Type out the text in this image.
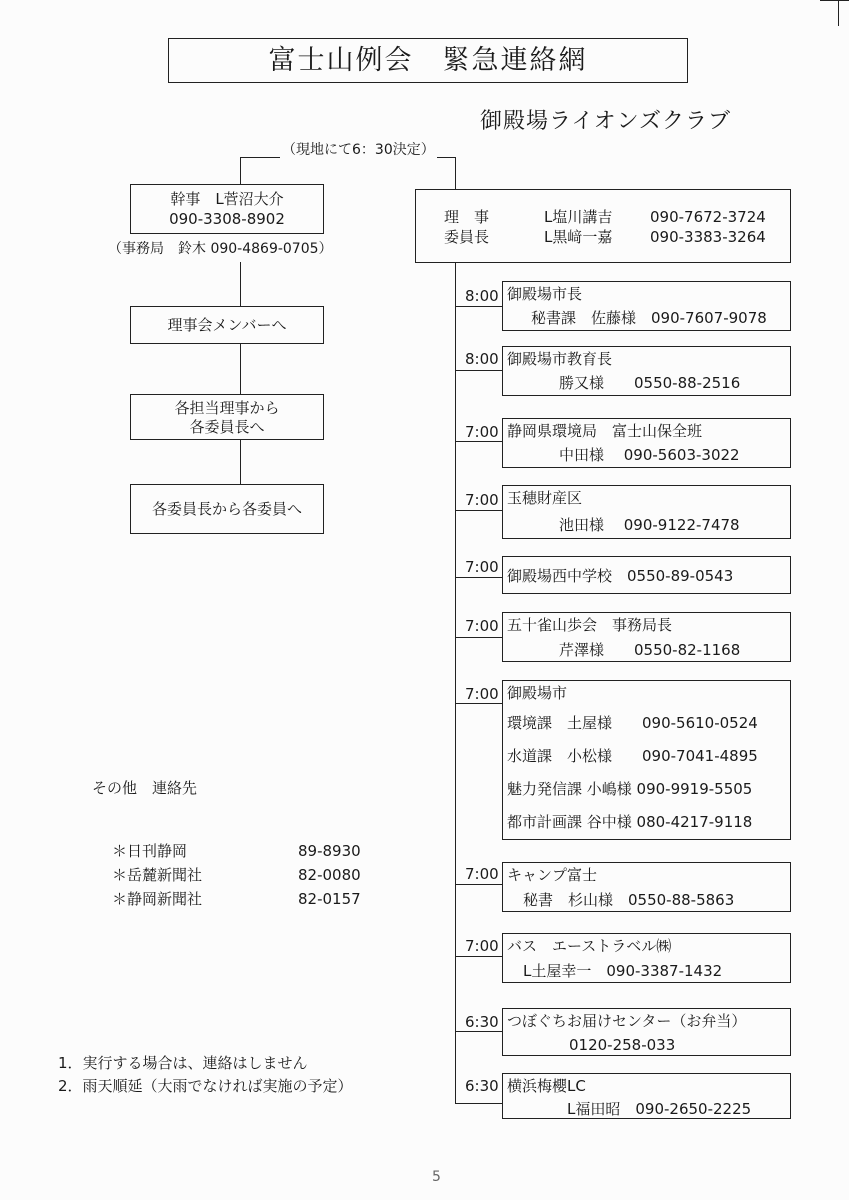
富士山例会　緊急連絡網
御殿場ライオンズクラブ
（現地にて6：30決定）
幹事　L菅沼大介
090-3308-8902
（事務局　鈴木 090-4869-0705）
理事会メンバーへ
各担当理事から
各委員長へ
各委員長から各委員へ
理　事	L塩川講吉	090-7672-3724
委員長	L黒﨑一嘉	090-3383-3264
8:00 御殿場市長
秘書課　佐藤様　090-7607-9078
8:00 御殿場市教育長
勝又様　　0550-88-2516
7:00 静岡県環境局　富士山保全班
中田様　 090-5603-3022
7:00 玉穂財産区
池田様　 090-9122-7478
7:00 御殿場西中学校　0550-89-0543
7:00 五十雀山歩会　事務局長
芹澤様　　0550-82-1168
7:00 御殿場市
環境課　土屋様　　090-5610-0524
水道課　小松様　　090-7041-4895
魅力発信課 小嶋様 090-9919-5505
都市計画課 谷中様 080-4217-9118
7:00 キャンプ富士
秘書　杉山様　0550-88-5863
7:00 バス　エーストラベル㈱
L土屋幸一　090-3387-1432
6:30 つぼぐちお届けセンター（お弁当）
0120-258-033
6:30 横浜梅櫻LC
L福田昭　090-2650-2225
その他　連絡先
＊日刊静岡	89-8930
＊岳麓新聞社	82-0080
＊静岡新聞社	82-0157
1．実行する場合は、連絡はしません
2．雨天順延（大雨でなければ実施の予定）
5
